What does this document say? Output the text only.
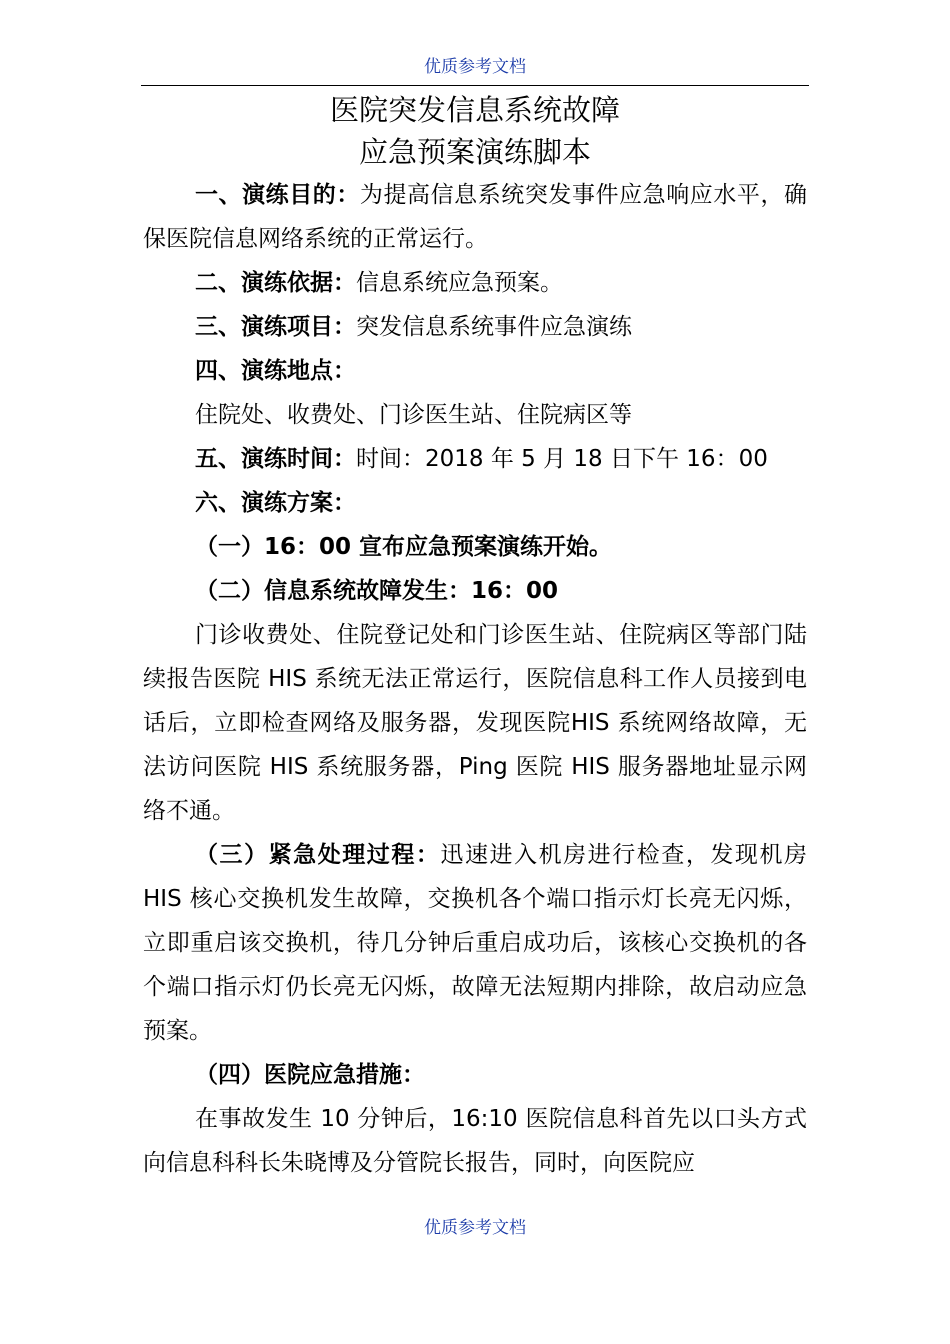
优质参考文档
医院突发信息系统故障
应急预案演练脚本

一、演练目的：为提高信息系统突发事件应急响应水平，确保医院信息网络系统的正常运行。

二、演练依据：信息系统应急预案。

三、演练项目：突发信息系统事件应急演练

四、演练地点：

住院处、收费处、门诊医生站、住院病区等

五、演练时间：时间：2018 年 5 月 18 日下午 16：00

六、演练方案：

（一）16：00 宣布应急预案演练开始。

（二）信息系统故障发生：16：00

门诊收费处、住院登记处和门诊医生站、住院病区等部门陆续报告医院 HIS 系统无法正常运行，医院信息科工作人员接到电话后，立即检查网络及服务器，发现医院HIS 系统网络故障，无法访问医院 HIS 系统服务器，Ping 医院 HIS 服务器地址显示网络不通。

（三）紧急处理过程：迅速进入机房进行检查，发现机房 HIS 核心交换机发生故障，交换机各个端口指示灯长亮无闪烁，立即重启该交换机，待几分钟后重启成功后，该核心交换机的各个端口指示灯仍长亮无闪烁，故障无法短期内排除，故启动应急预案。

（四）医院应急措施：

在事故发生 10 分钟后，16:10 医院信息科首先以口头方式向信息科科长朱晓博及分管院长报告，同时，向医院应

优质参考文档
